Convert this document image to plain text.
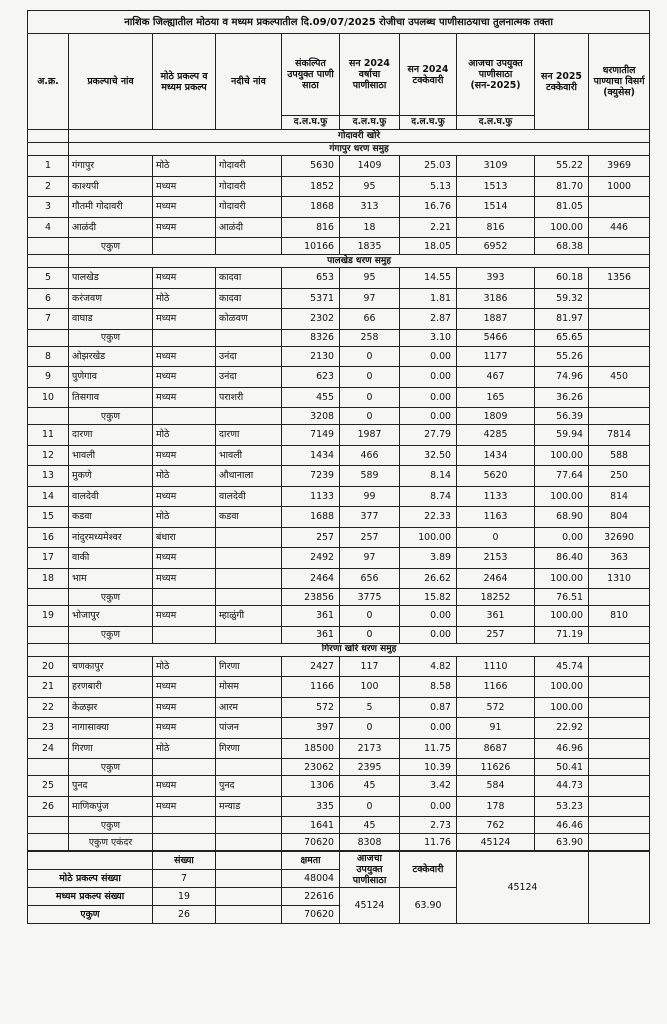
नाशिक जिल्ह्यातील मोठया व मध्यम प्रकल्पातील दि.09/07/2025 रोजीचा उपलब्ध पाणीसाठयाचा तुलनात्मक तक्ता									
अ.क्र.	प्रकल्पाचे नांव	मोठे प्रकल्प व मध्यम प्रकल्प	नदीचे नांव	संकल्पित उपयुक्त पाणी साठा	सन 2024 वर्षाचा पाणीसाठा	सन 2024 टक्केवारी	आजचा उपयुक्त पाणीसाठा (सन-2025)	सन 2025 टक्केवारी	धरणातील पाण्याचा विसर्ग (क्युसेस)
				द.ल.घ.फु	द.ल.घ.फु	द.ल.घ.फु	द.ल.घ.फु		
	गोदावरी खोरे								
	गंगापुर धरण समुह								
1	गंगापुर	मोठे	गोदावरी	5630	1409	25.03	3109	55.22	3969
2	काश्यपी	मध्यम	गोदावरी	1852	95	5.13	1513	81.70	1000
3	गौतमी गोदावरी	मध्यम	गोदावरी	1868	313	16.76	1514	81.05	
4	आळंदी	मध्यम	आळंदी	816	18	2.21	816	100.00	446
	एकुण			10166	1835	18.05	6952	68.38	
	पालखेड धरण समुह								
5	पालखेड	मध्यम	कादवा	653	95	14.55	393	60.18	1356
6	करंजवण	मोठे	कादवा	5371	97	1.81	3186	59.32	
7	वाघाड	मध्यम	कोळवण	2302	66	2.87	1887	81.97	
	एकुण			8326	258	3.10	5466	65.65	
8	ओझरखेड	मध्यम	उनंदा	2130	0	0.00	1177	55.26	
9	पुणेगाव	मध्यम	उनंदा	623	0	0.00	467	74.96	450
10	तिसगाव	मध्यम	पराशरी	455	0	0.00	165	36.26	
	एकुण			3208	0	0.00	1809	56.39	
11	दारणा	मोठे	दारणा	7149	1987	27.79	4285	59.94	7814
12	भावली	मध्यम	भावली	1434	466	32.50	1434	100.00	588
13	मुकणे	मोठे	औधानाला	7239	589	8.14	5620	77.64	250
14	वालदेवी	मध्यम	वालदेवी	1133	99	8.74	1133	100.00	814
15	कडवा	मोठे	कडवा	1688	377	22.33	1163	68.90	804
16	नांदुरमध्यमेश्वर	बंधारा		257	257	100.00	0	0.00	32690
17	वाकी	मध्यम		2492	97	3.89	2153	86.40	363
18	भाम	मध्यम		2464	656	26.62	2464	100.00	1310
	एकुण			23856	3775	15.82	18252	76.51	
19	भोजापुर	मध्यम	म्हाळुंगी	361	0	0.00	361	100.00	810
	एकुण			361	0	0.00	257	71.19	
	गिरणा खोरे धरण समुह								
20	चणकापुर	मोठे	गिरणा	2427	117	4.82	1110	45.74	
21	हरणबारी	मध्यम	मोसम	1166	100	8.58	1166	100.00	
22	केळझर	मध्यम	आरम	572	5	0.87	572	100.00	
23	नागासाक्या	मध्यम	पांजन	397	0	0.00	91	22.92	
24	गिरणा	मोठे	गिरणा	18500	2173	11.75	8687	46.96	
	एकुण			23062	2395	10.39	11626	50.41	
25	पुनद	मध्यम	पुनद	1306	45	3.42	584	44.73	
26	माणिकपुंज	मध्यम	मन्याड	335	0	0.00	178	53.23	
	एकुण			1641	45	2.73	762	46.46	
	एकुण एकंदर			70620	8308	11.76	45124	63.90	
	संख्या		क्षमता	आजचा उपयुक्त पाणीसाठा	टक्केवारी	45124	
मोठे प्रकल्प संख्या	7		48004				
मध्यम प्रकल्प संख्या	19		22616	45124	63.90		
एकुण	26		70620				
